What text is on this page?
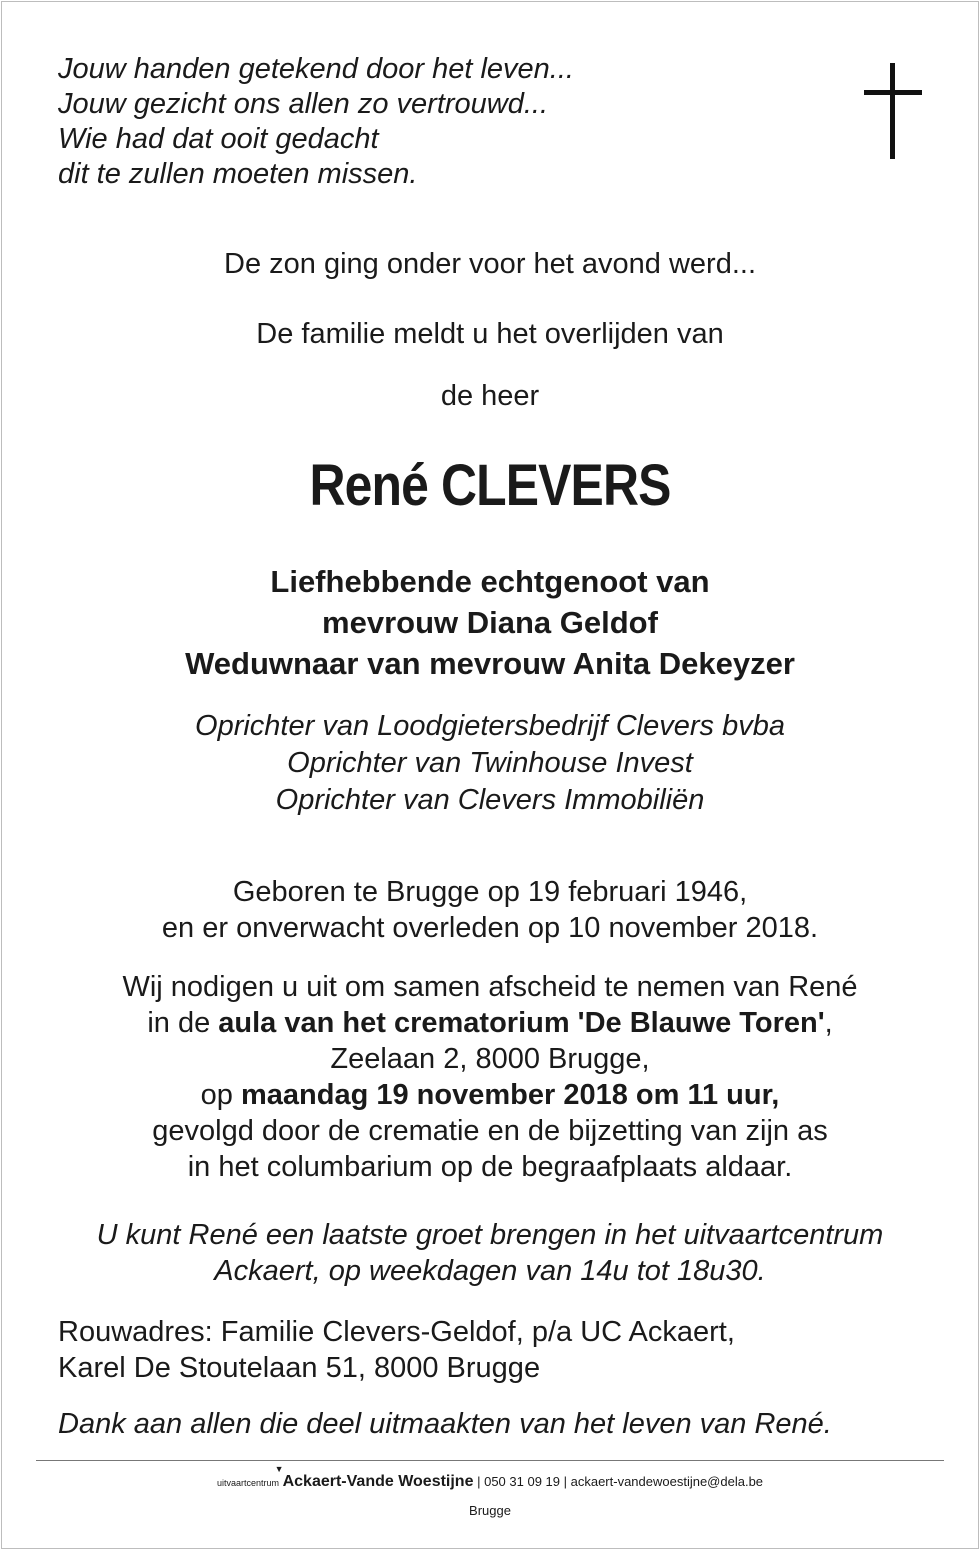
Jouw handen getekend door het leven...
Jouw gezicht ons allen zo vertrouwd...
Wie had dat ooit gedacht
dit te zullen moeten missen.
De zon ging onder voor het avond werd...
De familie meldt u het overlijden van
de heer
René CLEVERS
Liefhebbende echtgenoot van
mevrouw Diana Geldof
Weduwnaar van mevrouw Anita Dekeyzer
Oprichter van Loodgietersbedrijf Clevers bvba
Oprichter van Twinhouse Invest
Oprichter van Clevers Immobiliën
Geboren te Brugge op 19 februari 1946,
en er onverwacht overleden op 10 november 2018.
Wij nodigen u uit om samen afscheid te nemen van René
in de aula van het crematorium 'De Blauwe Toren',
Zeelaan 2, 8000 Brugge,
op maandag 19 november 2018 om 11 uur,
gevolgd door de crematie en de bijzetting van zijn as
in het columbarium op de begraafplaats aldaar.
U kunt René een laatste groet brengen in het uitvaartcentrum
Ackaert, op weekdagen van 14u tot 18u30.
Rouwadres: Familie Clevers-Geldof, p/a UC Ackaert,
Karel De Stoutelaan 51, 8000 Brugge
Dank aan allen die deel uitmaakten van het leven van René.
uitvaartcentrum
▼
Ackaert-Vande Woestijne | 050 31 09 19 | ackaert-vandewoestijne@dela.be
Brugge
